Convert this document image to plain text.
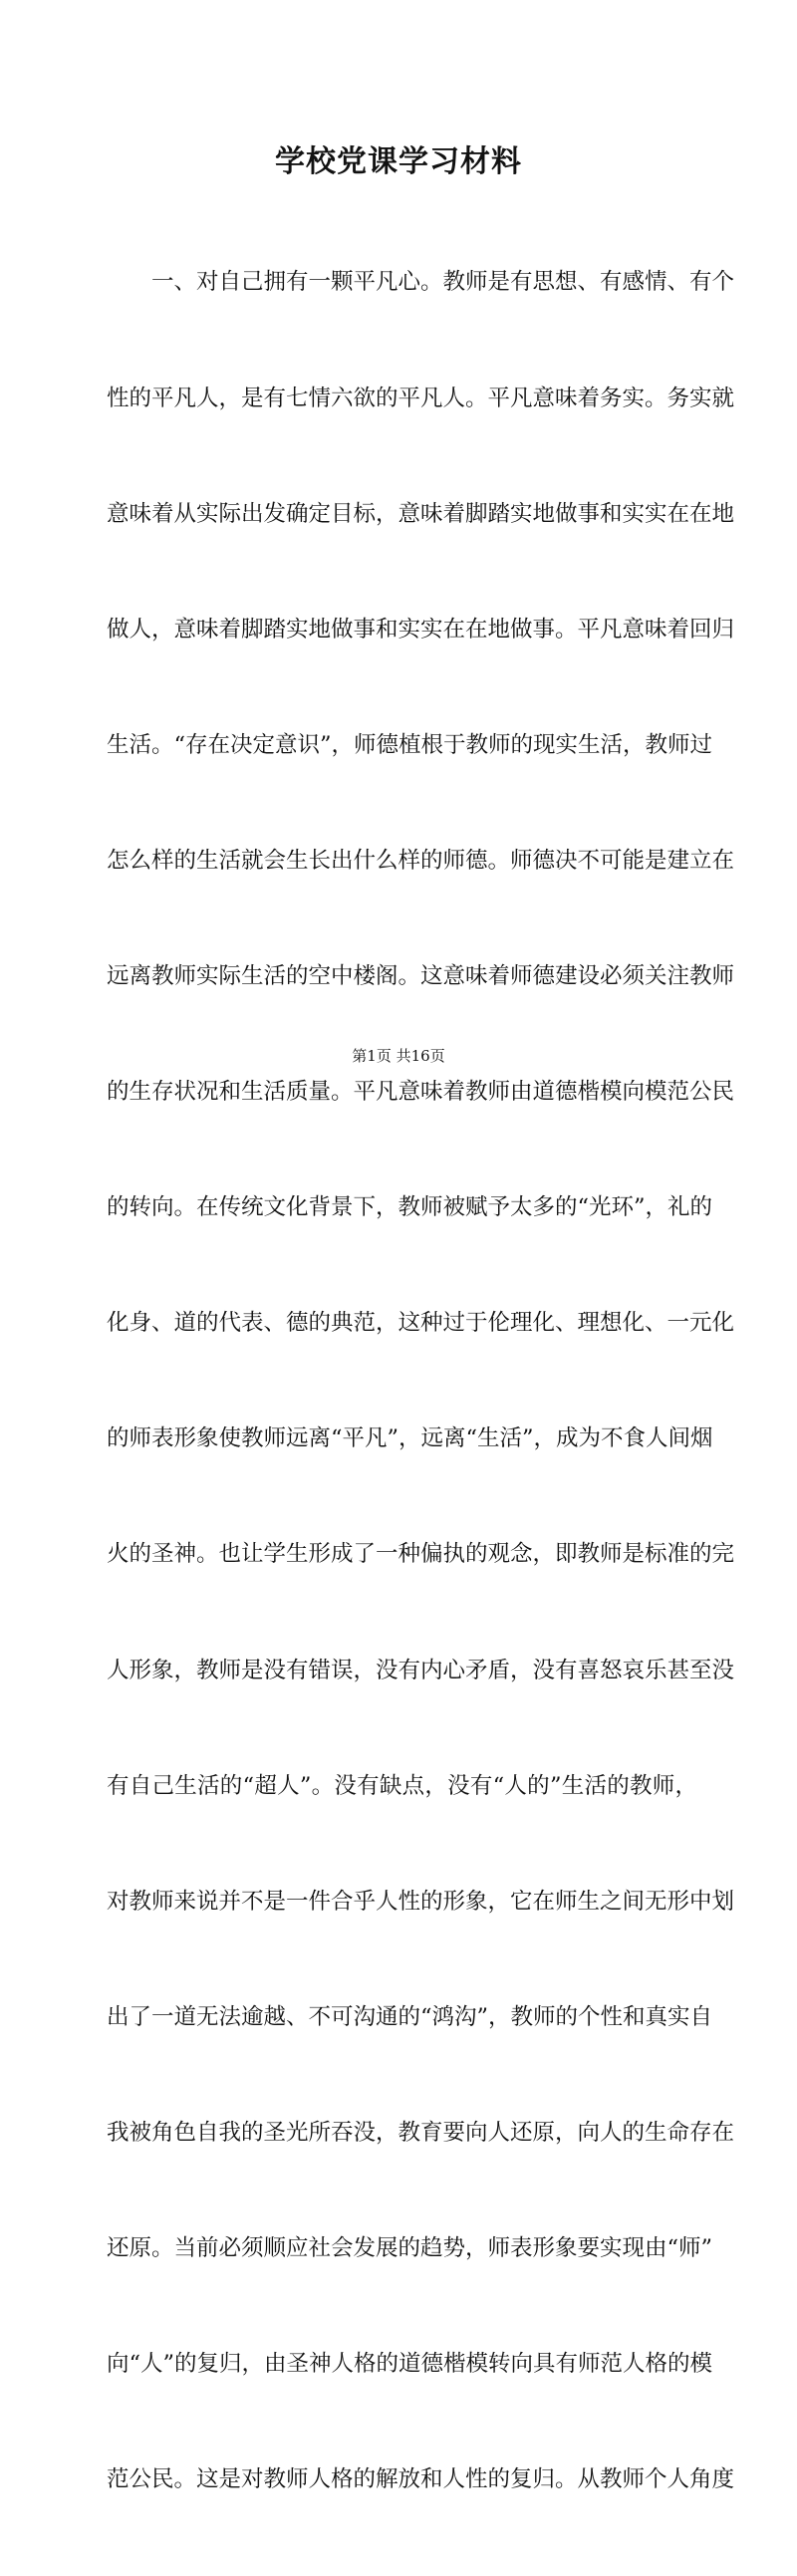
学校党课学习材料

　　一、对自己拥有一颗平凡心。教师是有思想、有感情、有个

性的平凡人，是有七情六欲的平凡人。平凡意味着务实。务实就

意味着从实际出发确定目标，意味着脚踏实地做事和实实在在地

做人，意味着脚踏实地做事和实实在在地做事。平凡意味着回归

生活。“存在决定意识”，师德植根于教师的现实生活，教师过

怎么样的生活就会生长出什么样的师德。师德决不可能是建立在

远离教师实际生活的空中楼阁。这意味着师德建设必须关注教师

的生存状况和生活质量。平凡意味着教师由道德楷模向模范公民

的转向。在传统文化背景下，教师被赋予太多的“光环”，礼的

化身、道的代表、德的典范，这种过于伦理化、理想化、一元化

的师表形象使教师远离“平凡”，远离“生活”，成为不食人间烟

火的圣神。也让学生形成了一种偏执的观念，即教师是标准的完

人形象，教师是没有错误，没有内心矛盾，没有喜怒哀乐甚至没

有自己生活的“超人”。没有缺点，没有“人的”生活的教师，

对教师来说并不是一件合乎人性的形象，它在师生之间无形中划

出了一道无法逾越、不可沟通的“鸿沟”，教师的个性和真实自

我被角色自我的圣光所吞没，教育要向人还原，向人的生命存在

还原。当前必须顺应社会发展的趋势，师表形象要实现由“师”

向“人”的复归，由圣神人格的道德楷模转向具有师范人格的模

范公民。这是对教师人格的解放和人性的复归。从教师个人角度

第1页 共16页
